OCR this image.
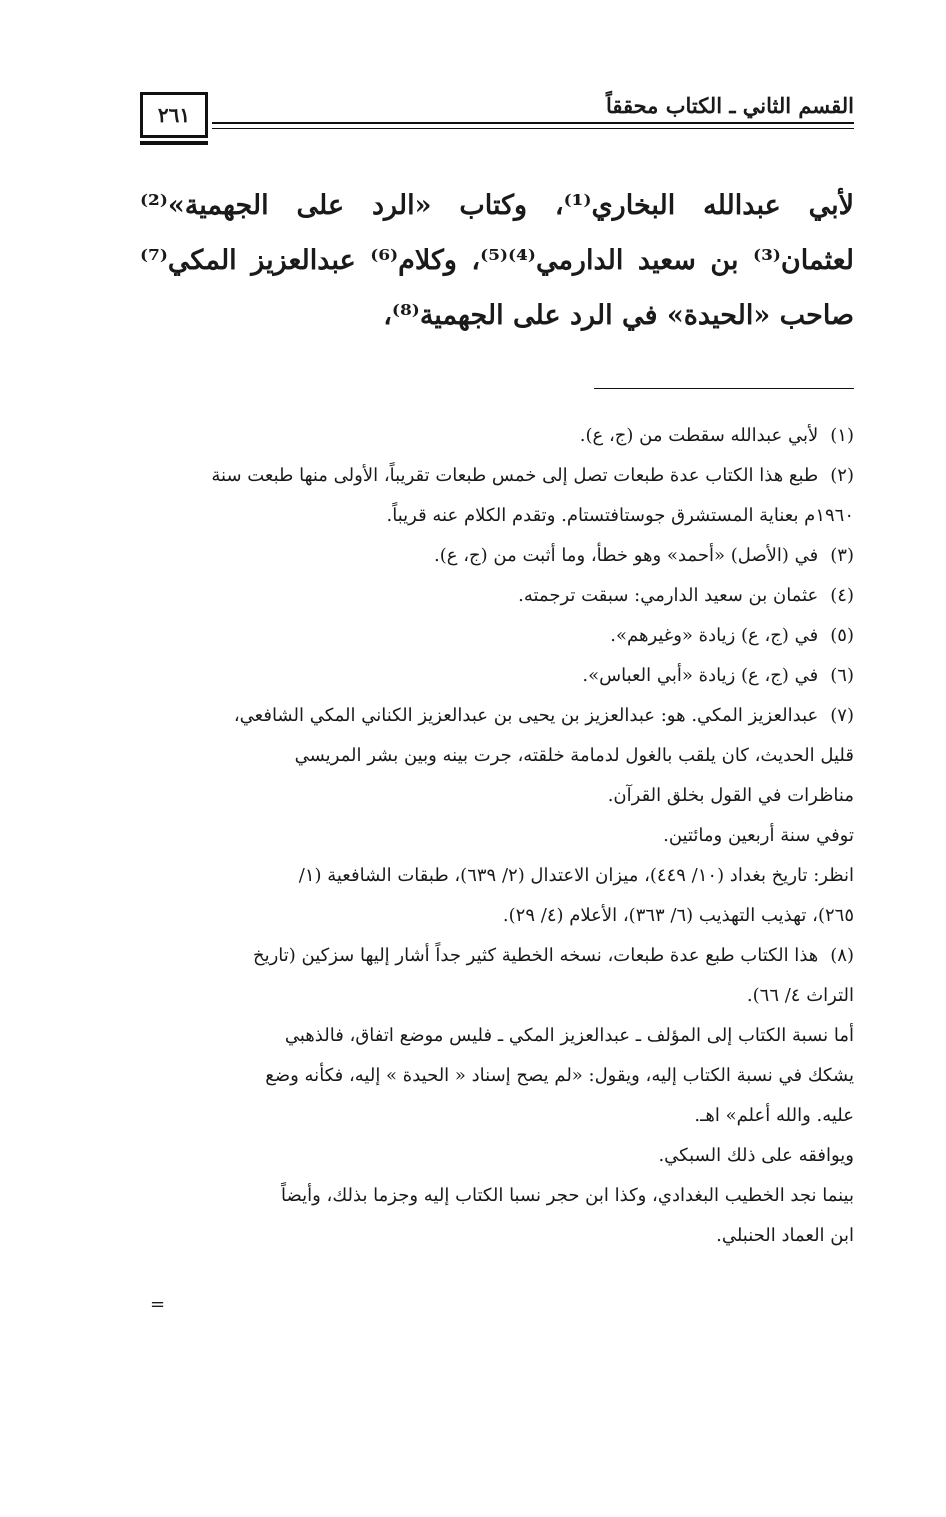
القسم الثاني ـ الكتاب محققاً
٢٦١

لأبي عبدالله البخاري⁽¹⁾، وكتاب «الرد على الجهمية»⁽²⁾

لعثمان⁽³⁾ بن سعيد الدارمي⁽⁴⁾⁽⁵⁾، وكلام⁽⁶⁾ عبدالعزيز المكي⁽⁷⁾

صاحب «الحيدة» في الرد على الجهمية⁽⁸⁾،

(١) لأبي عبدالله سقطت من (ج، ع).

(٢) طبع هذا الكتاب عدة طبعات تصل إلى خمس طبعات تقريباً، الأولى منها طبعت سنة

١٩٦٠م بعناية المستشرق جوستافتستام. وتقدم الكلام عنه قريباً.

(٣) في (الأصل) «أحمد» وهو خطأ، وما أثبت من (ج، ع).

(٤) عثمان بن سعيد الدارمي: سبقت ترجمته.

(٥) في (ج، ع) زيادة «وغيرهم».

(٦) في (ج، ع) زيادة «أبي العباس».

(٧) عبدالعزيز المكي. هو: عبدالعزيز بن يحيى بن عبدالعزيز الكناني المكي الشافعي،

قليل الحديث، كان يلقب بالغول لدمامة خلقته، جرت بينه وبين بشر المريسي

مناظرات في القول بخلق القرآن.

توفي سنة أربعين ومائتين.

انظر: تاريخ بغداد (١٠/ ٤٤٩)، ميزان الاعتدال (٢/ ٦٣٩)، طبقات الشافعية (١/

٢٦٥)، تهذيب التهذيب (٦/ ٣٦٣)، الأعلام (٤/ ٢٩).

(٨) هذا الكتاب طبع عدة طبعات، نسخه الخطية كثير جداً أشار إليها سزكين (تاريخ

التراث ٤/ ٦٦).

أما نسبة الكتاب إلى المؤلف ـ عبدالعزيز المكي ـ فليس موضع اتفاق، فالذهبي

يشكك في نسبة الكتاب إليه، ويقول: «لم يصح إسناد « الحيدة » إليه، فكأنه وضع

عليه. والله أعلم» اهـ.

ويوافقه على ذلك السبكي.

بينما نجد الخطيب البغدادي، وكذا ابن حجر نسبا الكتاب إليه وجزما بذلك، وأيضاً

ابن العماد الحنبلي.

=
